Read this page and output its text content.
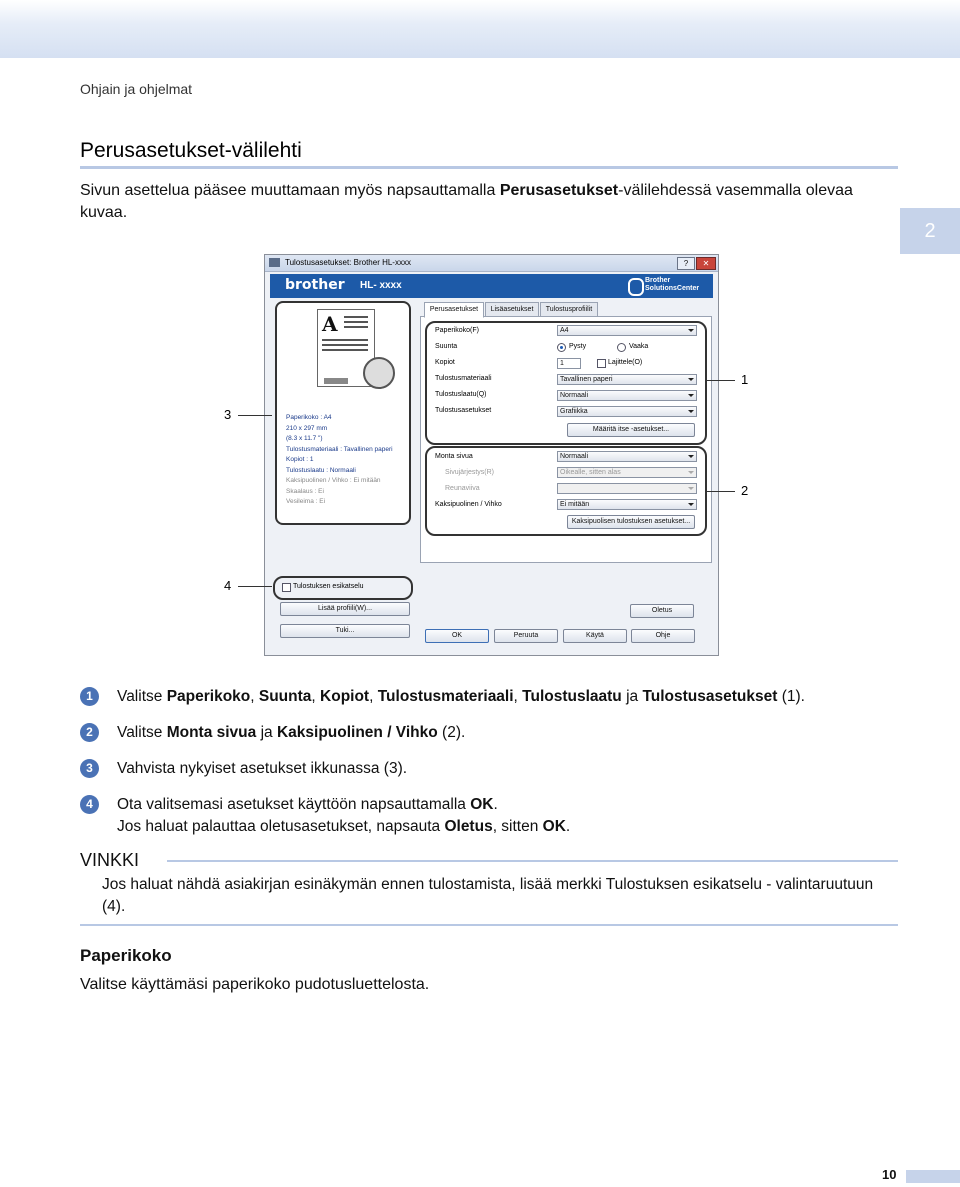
Ohjain ja ohjelmat
Perusasetukset-välilehti
Sivun asettelua pääsee muuttamaan myös napsauttamalla Perusasetukset-välilehdessä vasemmalla olevaa kuvaa.
2
Tulostusasetukset: Brother HL-xxxx	?	✕
brother HL- xxxx	Brother
SolutionsCenter
A
Paperikoko : A4
210 x 297 mm
(8.3 x 11.7 ")
Tulostusmateriaali : Tavallinen paperi
Kopiot : 1
Tulostuslaatu : Normaali
Kaksipuolinen / Vihko : Ei mitään
Skaalaus : Ei
Vesileima : Ei
Perusasetukset	Lisäasetukset	Tulostusprofiilit
Paperikoko(F)	A4
Suunta	Pysty	Vaaka
Kopiot	1	Lajittele(O)
Tulostusmateriaali	Tavallinen paperi
Tulostuslaatu(Q)	Normaali
Tulostusasetukset	Grafiikka
Määritä itse -asetukset...
Monta sivua	Normaali
Sivujärjestys(R)	Oikealle, sitten alas
Reunaviiva
Kaksipuolinen / Vihko	Ei mitään
Kaksipuolisen tulostuksen asetukset...
Tulostuksen esikatselu
Lisää profiili(W)...
Tuki...
Oletus
OK	Peruuta	Käytä	Ohje
1
2
3
4
1	Valitse Paperikoko, Suunta, Kopiot, Tulostusmateriaali, Tulostuslaatu ja Tulostusasetukset (1).
2	Valitse Monta sivua ja Kaksipuolinen / Vihko (2).
3	Vahvista nykyiset asetukset ikkunassa (3).
4	Ota valitsemasi asetukset käyttöön napsauttamalla OK.
Jos haluat palauttaa oletusasetukset, napsauta Oletus, sitten OK.
VINKKI
Jos haluat nähdä asiakirjan esinäkymän ennen tulostamista, lisää merkki Tulostuksen esikatselu - valintaruutuun (4).
Paperikoko
Valitse käyttämäsi paperikoko pudotusluettelosta.
10
